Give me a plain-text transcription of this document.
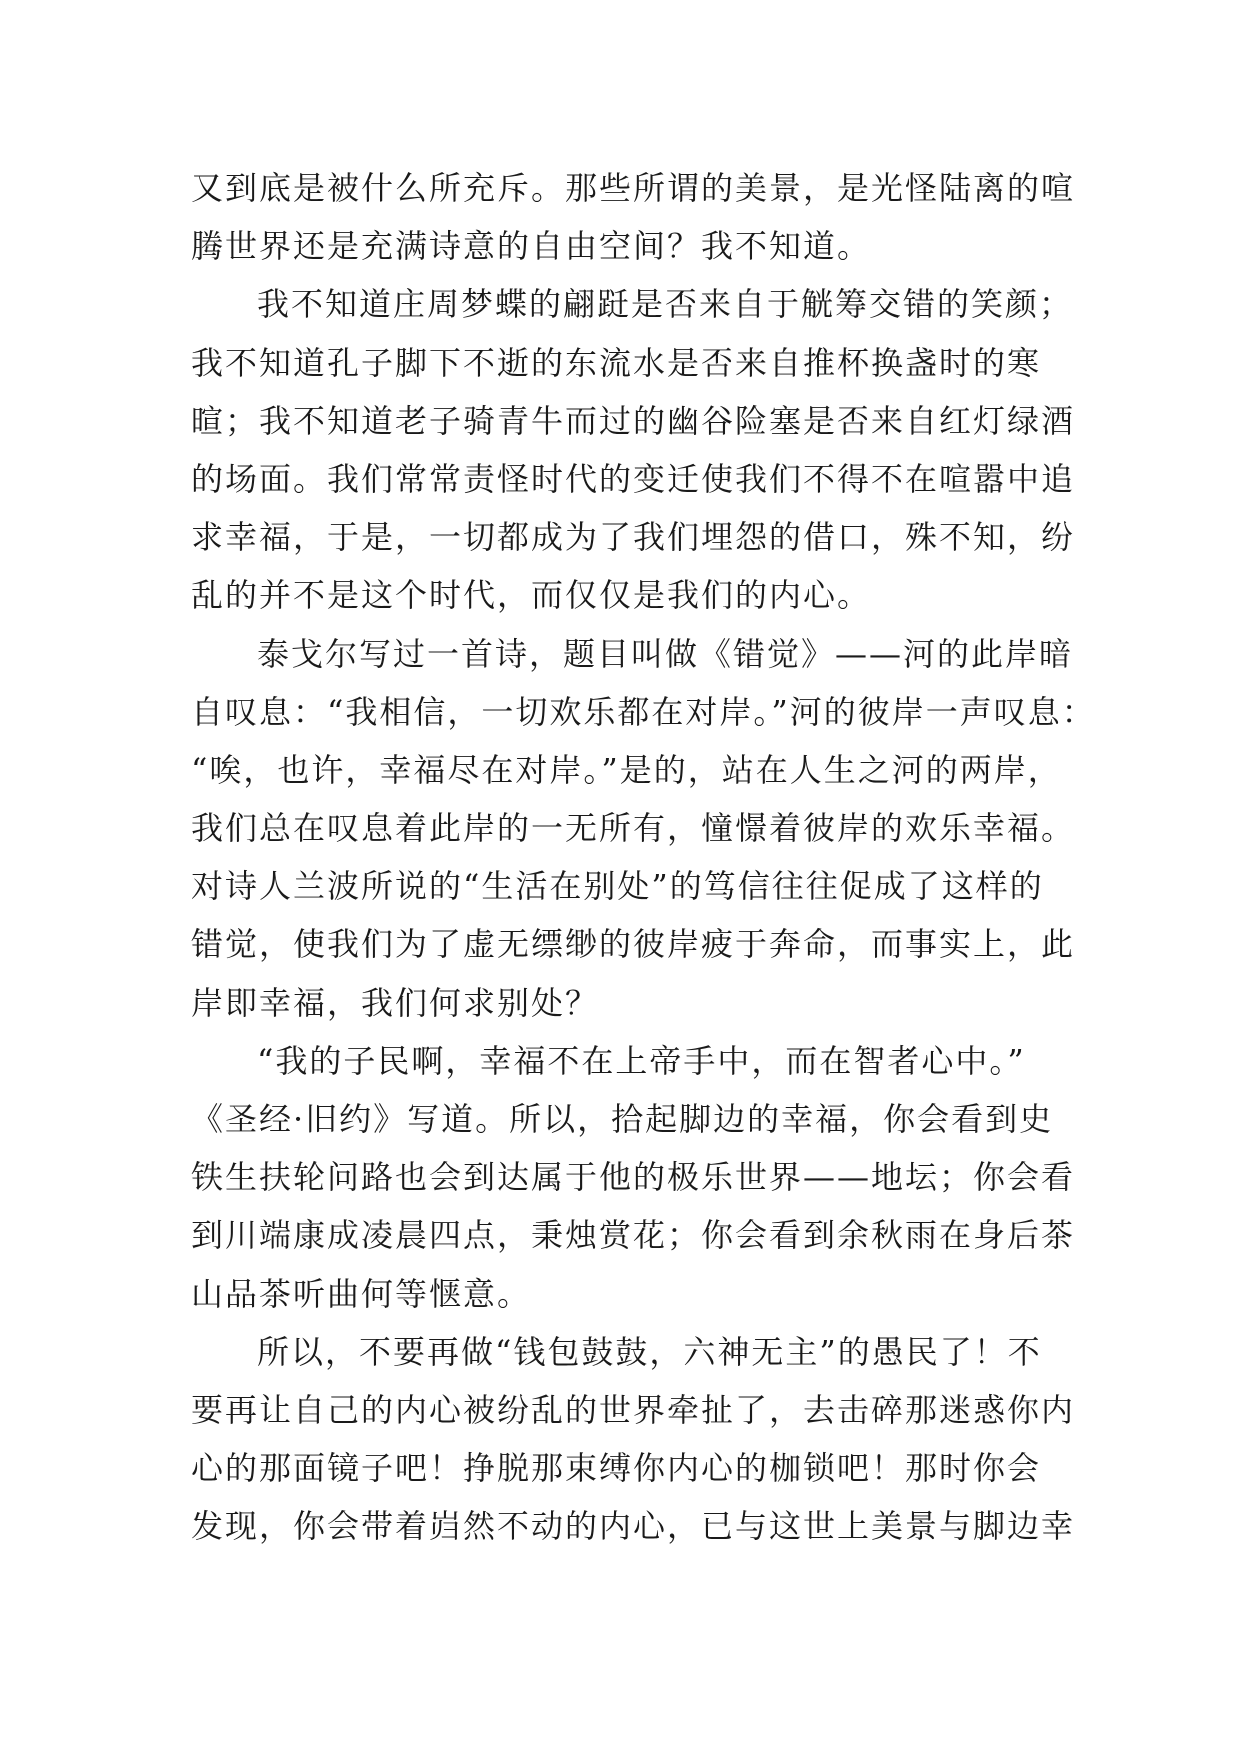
又到底是被什么所充斥。那些所谓的美景，是光怪陆离的喧
腾世界还是充满诗意的自由空间？我不知道。
我不知道庄周梦蝶的翩跹是否来自于觥筹交错的笑颜；
我不知道孔子脚下不逝的东流水是否来自推杯换盏时的寒
暄；我不知道老子骑青牛而过的幽谷险塞是否来自红灯绿酒
的场面。我们常常责怪时代的变迁使我们不得不在喧嚣中追
求幸福，于是，一切都成为了我们埋怨的借口，殊不知，纷
乱的并不是这个时代，而仅仅是我们的内心。
泰戈尔写过一首诗，题目叫做《错觉》——河的此岸暗
自叹息：“我相信，一切欢乐都在对岸。”河的彼岸一声叹息：
“唉，也许，幸福尽在对岸。”是的，站在人生之河的两岸，
我们总在叹息着此岸的一无所有，憧憬着彼岸的欢乐幸福。
对诗人兰波所说的“生活在别处”的笃信往往促成了这样的
错觉，使我们为了虚无缥缈的彼岸疲于奔命，而事实上，此
岸即幸福，我们何求别处？
“我的子民啊，幸福不在上帝手中，而在智者心中。”
《圣经·旧约》写道。所以，拾起脚边的幸福，你会看到史
铁生扶轮问路也会到达属于他的极乐世界——地坛；你会看
到川端康成凌晨四点，秉烛赏花；你会看到余秋雨在身后茶
山品茶听曲何等惬意。
所以，不要再做“钱包鼓鼓，六神无主”的愚民了！不
要再让自己的内心被纷乱的世界牵扯了，去击碎那迷惑你内
心的那面镜子吧！挣脱那束缚你内心的枷锁吧！那时你会
发现，你会带着岿然不动的内心，已与这世上美景与脚边幸
